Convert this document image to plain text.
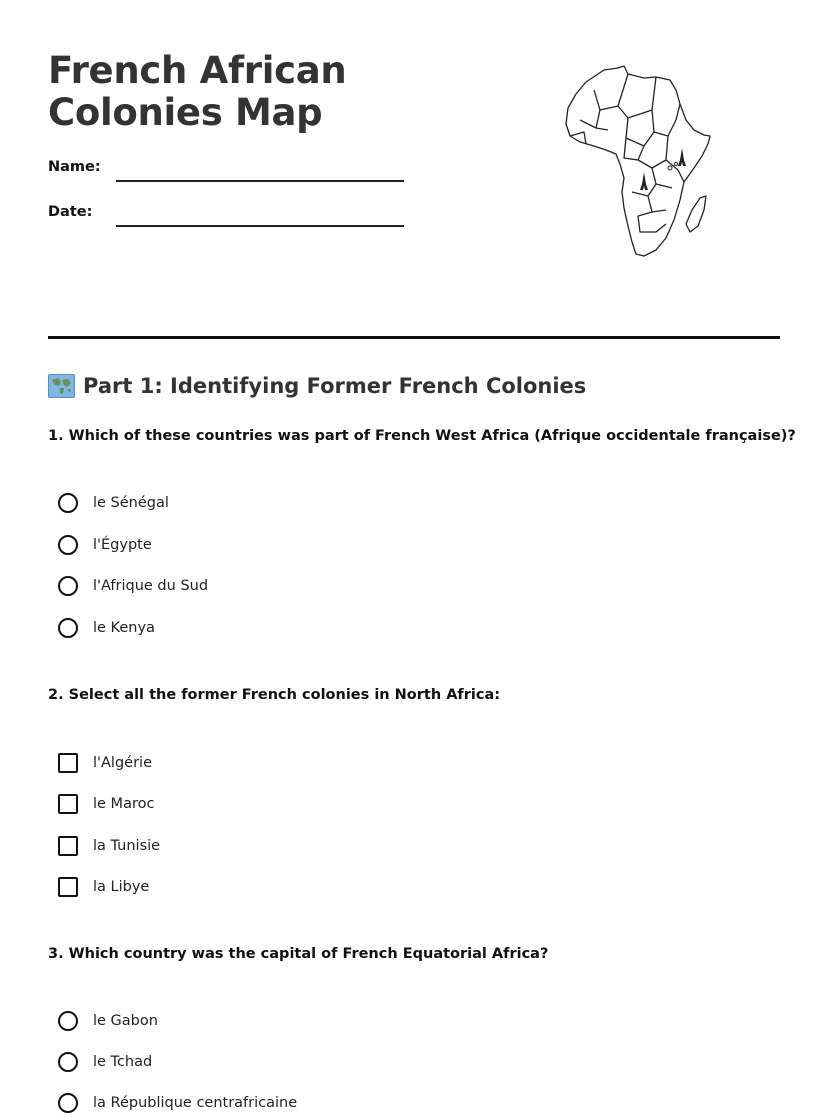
French African Colonies Map
Name:
Date:
Part 1: Identifying Former French Colonies
1. Which of these countries was part of French West Africa (Afrique occidentale française)?
le Sénégal
l'Égypte
l'Afrique du Sud
le Kenya
2. Select all the former French colonies in North Africa:
l'Algérie
le Maroc
la Tunisie
la Libye
3. Which country was the capital of French Equatorial Africa?
le Gabon
le Tchad
la République centrafricaine
